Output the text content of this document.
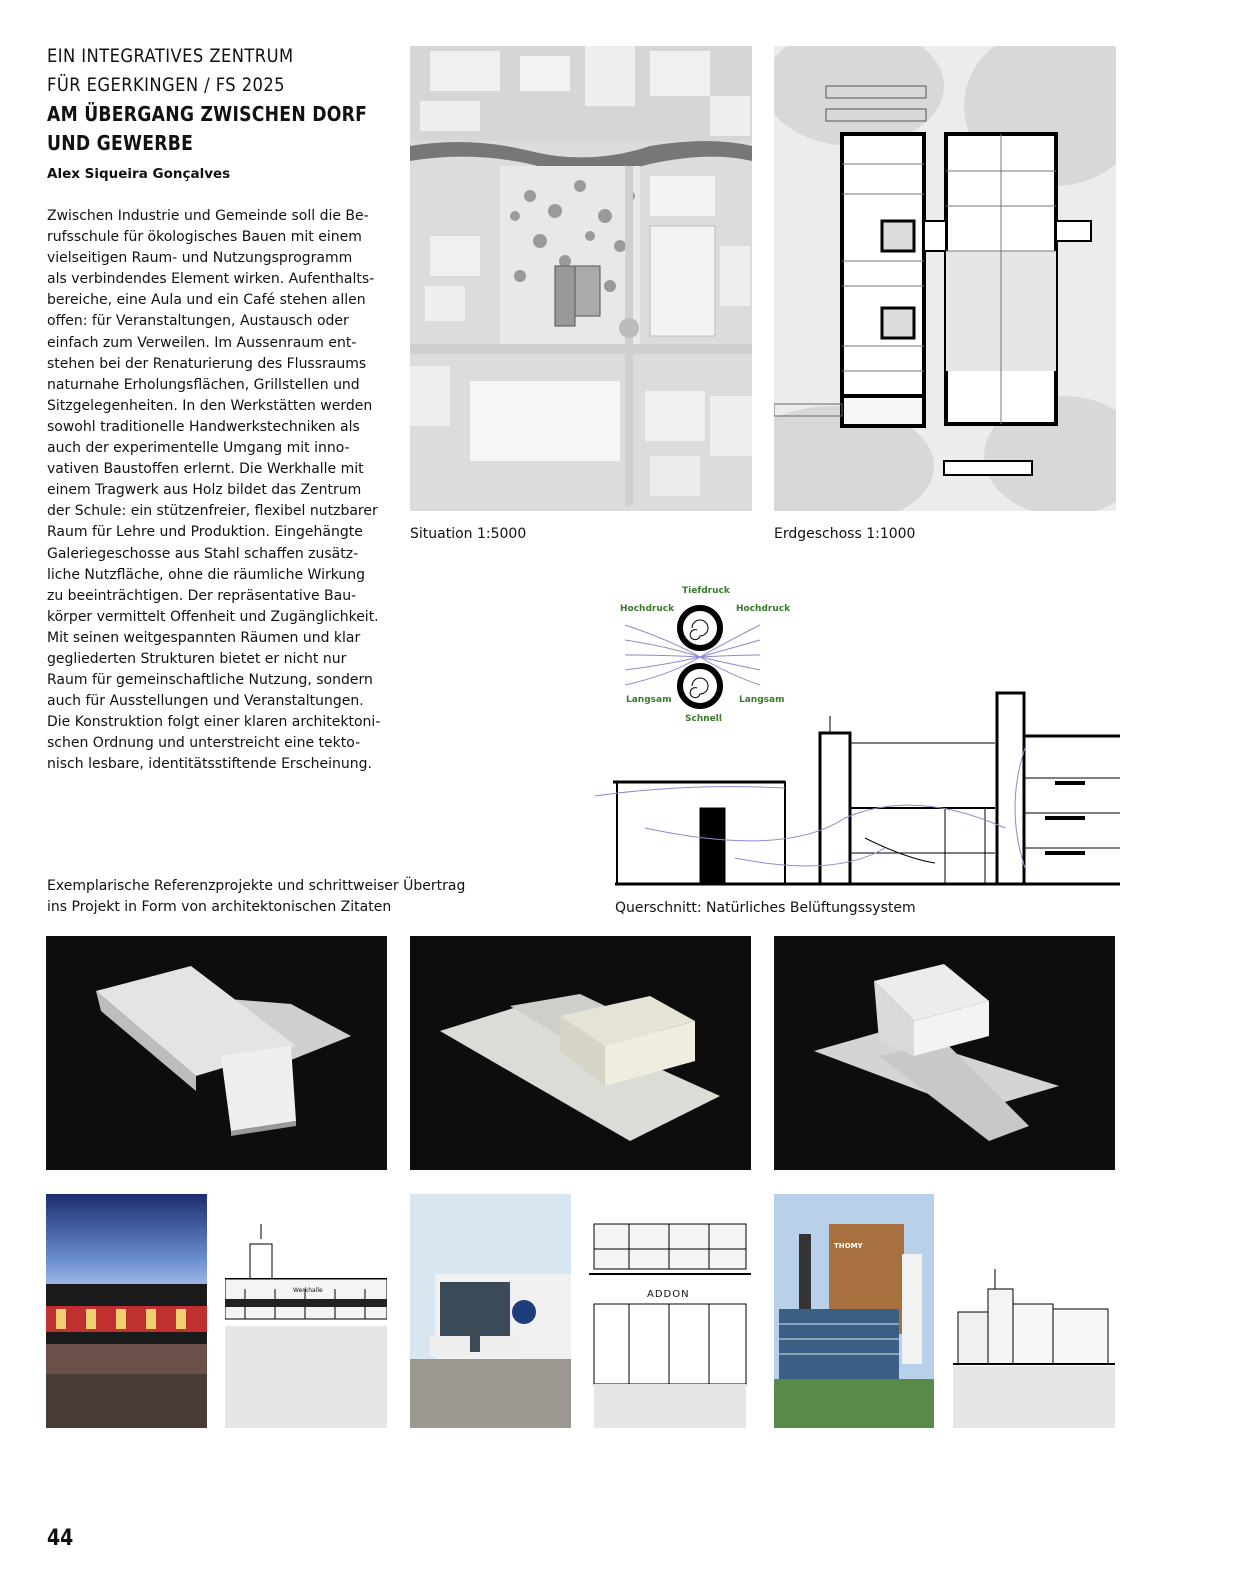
EIN INTEGRATIVES ZENTRUM
FÜR EGERKINGEN / FS 2025
AM ÜBERGANG ZWISCHEN DORF
UND GEWERBE
Alex Siqueira Gonçalves
Zwischen Industrie und Gemeinde soll die Be-
rufsschule für ökologisches Bauen mit einem
vielseitigen Raum- und Nutzungsprogramm
als verbindendes Element wirken. Aufenthalts-
bereiche, eine Aula und ein Café stehen allen
offen: für Veranstaltungen, Austausch oder
einfach zum Verweilen. Im Aussenraum ent-
stehen bei der Renaturierung des Flussraums
naturnahe Erholungsflächen, Grillstellen und
Sitzgelegenheiten. In den Werkstätten werden
sowohl traditionelle Handwerkstechniken als
auch der experimentelle Umgang mit inno-
vativen Baustoffen erlernt. Die Werkhalle mit
einem Tragwerk aus Holz bildet das Zentrum
der Schule: ein stützenfreier, flexibel nutzbarer
Raum für Lehre und Produktion. Eingehängte
Galeriegeschosse aus Stahl schaffen zusätz-
liche Nutzfläche, ohne die räumliche Wirkung
zu beeinträchtigen. Der repräsentative Bau-
körper vermittelt Offenheit und Zugänglichkeit.
Mit seinen weitgespannten Räumen und klar
gegliederten Strukturen bietet er nicht nur
Raum für gemeinschaftliche Nutzung, sondern
auch für Ausstellungen und Veranstaltungen.
Die Konstruktion folgt einer klaren architektoni-
schen Ordnung und unterstreicht eine tekto-
nisch lesbare, identitätsstiftende Erscheinung.
Situation 1:5000	Erdgeschoss 1:1000
Tiefdruck
Hochdruck	Hochdruck
Langsam	Langsam
Schnell
Querschnitt: Natürliches Belüftungssystem
Exemplarische Referenzprojekte und schrittweiser Übertrag
ins Projekt in Form von architektonischen Zitaten
Werkhalle	ADDON
THOMY
44
